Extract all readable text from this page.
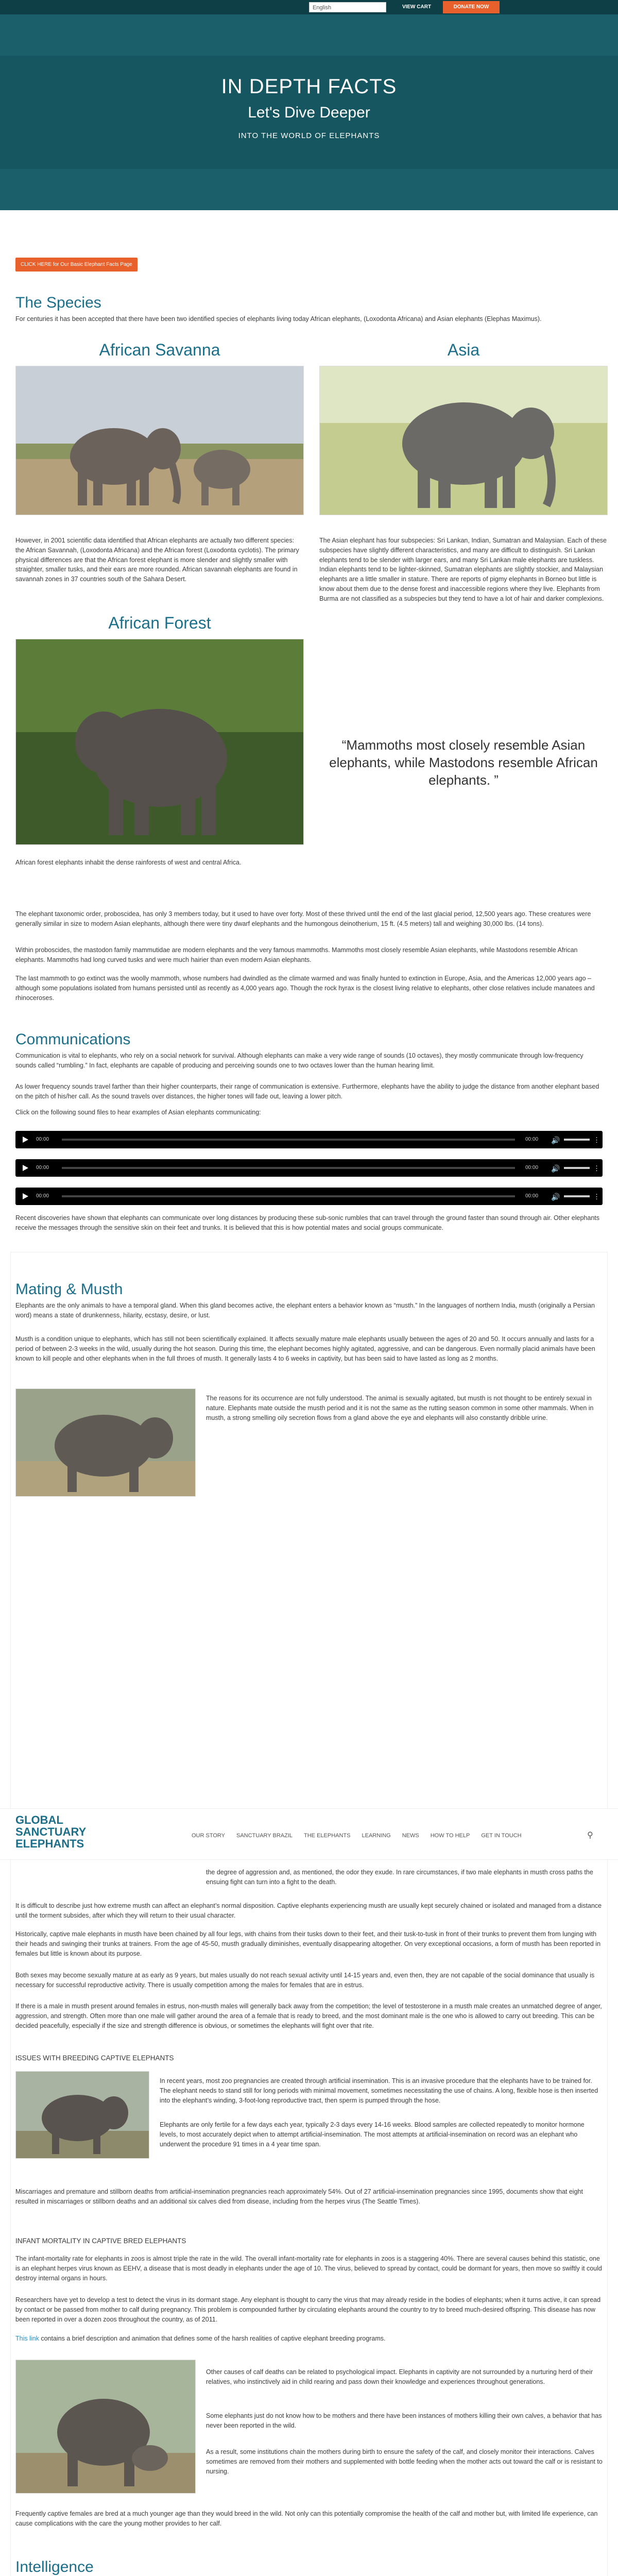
English	VIEW CART	DONATE NOW
IN DEPTH FACTS
Let's Dive Deeper
INTO THE WORLD OF ELEPHANTS
CLICK HERE for Our Basic Elephant Facts Page
The Species
For centuries it has been accepted that there have been two identified species of elephants living today African elephants, (Loxodonta Africana) and Asian elephants (Elephas Maximus).
African Savanna	Asia
However, in 2001 scientific data identified that African elephants are actually two different species: the African Savannah, (Loxodonta Africana) and the African forest (Loxodonta cyclotis). The primary physical differences are that the African forest elephant is more slender and slightly smaller with straighter, smaller tusks, and their ears are more rounded. African savannah elephants are found in savannah zones in 37 countries south of the Sahara Desert.
The Asian elephant has four subspecies: Sri Lankan, Indian, Sumatran and Malaysian. Each of these subspecies have slightly different characteristics, and many are difficult to distinguish. Sri Lankan elephants tend to be slender with larger ears, and many Sri Lankan male elephants are tuskless. Indian elephants tend to be lighter-skinned, Sumatran elephants are slightly stockier, and Malaysian elephants are a little smaller in stature. There are reports of pigmy elephants in Borneo but little is know about them due to the dense forest and inaccessible regions where they live. Elephants from Burma are not classified as a subspecies but they tend to have a lot of hair and darker complexions.
African Forest
“Mammoths most closely resemble Asian elephants, while Mastodons resemble African elephants. ”
African forest elephants inhabit the dense rainforests of west and central Africa.
The elephant taxonomic order, proboscidea, has only 3 members today, but it used to have over forty. Most of these thrived until the end of the last glacial period, 12,500 years ago. These creatures were generally similar in size to modern Asian elephants, although there were tiny dwarf elephants and the humongous deinotherium, 15 ft. (4.5 meters) tall and weighing 30,000 lbs. (14 tons).
Within proboscides, the mastodon family mammutidae are modern elephants and the very famous mammoths. Mammoths most closely resemble Asian elephants, while Mastodons resemble African elephants. Mammoths had long curved tusks and were much hairier than even modern Asian elephants.
The last mammoth to go extinct was the woolly mammoth, whose numbers had dwindled as the climate warmed and was finally hunted to extinction in Europe, Asia, and the Americas 12,000 years ago – although some populations isolated from humans persisted until as recently as 4,000 years ago. Though the rock hyrax is the closest living relative to elephants, other close relatives include manatees and rhinoceroses.
Communications
Communication is vital to elephants, who rely on a social network for survival. Although elephants can make a very wide range of sounds (10 octaves), they mostly communicate through low-frequency sounds called “rumbling.” In fact, elephants are capable of producing and perceiving sounds one to two octaves lower than the human hearing limit.
As lower frequency sounds travel farther than their higher counterparts, their range of communication is extensive. Furthermore, elephants have the ability to judge the distance from another elephant based on the pitch of his/her call. As the sound travels over distances, the higher tones will fade out, leaving a lower pitch.
Click on the following sound files to hear examples of Asian elephants communicating:
00:00	00:00 🔊	⋮
00:00	00:00 🔊	⋮
00:00	00:00 🔊	⋮
Recent discoveries have shown that elephants can communicate over long distances by producing these sub-sonic rumbles that can travel through the ground faster than sound through air. Other elephants receive the messages through the sensitive skin on their feet and trunks. It is believed that this is how potential mates and social groups communicate.
Mating & Musth
Elephants are the only animals to have a temporal gland. When this gland becomes active, the elephant enters a behavior known as “musth.” In the languages of northern India, musth (originally a Persian word) means a state of drunkenness, hilarity, ecstasy, desire, or lust.
Musth is a condition unique to elephants, which has still not been scientifically explained. It affects sexually mature male elephants usually between the ages of 20 and 50. It occurs annually and lasts for a period of between 2-3 weeks in the wild, usually during the hot season. During this time, the elephant becomes highly agitated, aggressive, and can be dangerous. Even normally placid animals have been known to kill people and other elephants when in the full throes of musth. It generally lasts 4 to 6 weeks in captivity, but has been said to have lasted as long as 2 months.
The reasons for its occurrence are not fully understood. The animal is sexually agitated, but musth is not thought to be entirely sexual in nature. Elephants mate outside the musth period and it is not the same as the rutting season common in some other mammals. When in musth, a strong smelling oily secretion flows from a gland above the eye and elephants will also constantly dribble urine.
GLOBAL
SANCTUARY
ELEPHANTS
OUR STORY SANCTUARY BRAZIL THE ELEPHANTS LEARNING NEWS HOW TO HELP GET IN TOUCH	⚲
the degree of aggression and, as mentioned, the odor they exude. In rare circumstances, if two male elephants in musth cross paths the ensuing fight can turn into a fight to the death.
It is difficult to describe just how extreme musth can affect an elephant’s normal disposition. Captive elephants experiencing musth are usually kept securely chained or isolated and managed from a distance until the torment subsides, after which they will return to their usual character.
Historically, captive male elephants in musth have been chained by all four legs, with chains from their tusks down to their feet, and their tusk-to-tusk in front of their trunks to prevent them from lunging with their heads and swinging their trunks at trainers. From the age of 45-50, musth gradually diminishes, eventually disappearing altogether. On very exceptional occasions, a form of musth has been reported in females but little is known about its purpose.
Both sexes may become sexually mature at as early as 9 years, but males usually do not reach sexual activity until 14-15 years and, even then, they are not capable of the social dominance that usually is necessary for successful reproductive activity. There is usually competition among the males for females that are in estrus.
If there is a male in musth present around females in estrus, non-musth males will generally back away from the competition; the level of testosterone in a musth male creates an unmatched degree of anger, aggression, and strength. Often more than one male will gather around the area of a female that is ready to breed, and the most dominant male is the one who is allowed to carry out breeding. This can be decided peacefully, especially if the size and strength difference is obvious, or sometimes the elephants will fight over that rite.
ISSUES WITH BREEDING CAPTIVE ELEPHANTS
In recent years, most zoo pregnancies are created through artificial insemination. This is an invasive procedure that the elephants have to be trained for. The elephant needs to stand still for long periods with minimal movement, sometimes necessitating the use of chains. A long, flexible hose is then inserted into the elephant’s winding, 3-foot-long reproductive tract, then sperm is pumped through the hose.
Elephants are only fertile for a few days each year, typically 2-3 days every 14-16 weeks. Blood samples are collected repeatedly to monitor hormone levels, to most accurately depict when to attempt artificial-insemination. The most attempts at artificial-insemination on record was an elephant who underwent the procedure 91 times in a 4 year time span.
Miscarriages and premature and stillborn deaths from artificial-insemination pregnancies reach approximately 54%. Out of 27 artificial-insemination pregnancies since 1995, documents show that eight resulted in miscarriages or stillborn deaths and an additional six calves died from disease, including from the herpes virus (The Seattle Times).
INFANT MORTALITY IN CAPTIVE BRED ELEPHANTS
The infant-mortality rate for elephants in zoos is almost triple the rate in the wild. The overall infant-mortality rate for elephants in zoos is a staggering 40%. There are several causes behind this statistic, one is an elephant herpes virus known as EEHV, a disease that is most deadly in elephants under the age of 10. The virus, believed to spread by contact, could be dormant for years, then move so swiftly it could destroy internal organs in hours.
Researchers have yet to develop a test to detect the virus in its dormant stage. Any elephant is thought to carry the virus that may already reside in the bodies of elephants; when it turns active, it can spread by contact or be passed from mother to calf during pregnancy. This problem is compounded further by circulating elephants around the country to try to breed much-desired offspring. This disease has now been reported in over a dozen zoos throughout the country, as of 2011.
This link contains a brief description and animation that defines some of the harsh realities of captive elephant breeding programs.
Other causes of calf deaths can be related to psychological impact. Elephants in captivity are not surrounded by a nurturing herd of their relatives, who instinctively aid in child rearing and pass down their knowledge and experiences throughout generations.
Some elephants just do not know how to be mothers and there have been instances of mothers killing their own calves, a behavior that has never been reported in the wild.
As a result, some institutions chain the mothers during birth to ensure the safety of the calf, and closely monitor their interactions. Calves sometimes are removed from their mothers and supplemented with bottle feeding when the mother acts out toward the calf or is resistant to nursing.
Frequently captive females are bred at a much younger age than they would breed in the wild. Not only can this potentially compromise the health of the calf and mother but, with limited life experience, can cause complications with the care the young mother provides to her calf.
Intelligence
